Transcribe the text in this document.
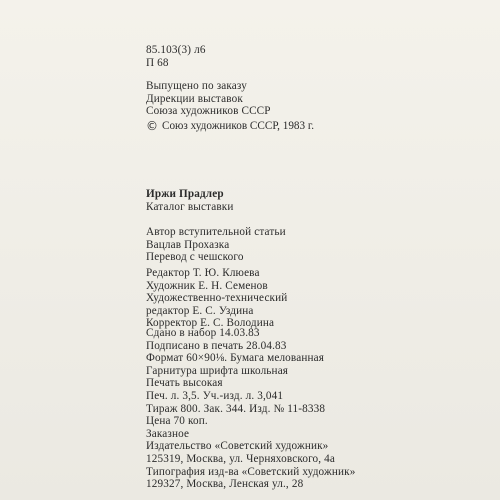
85.103(3) л6
П 68
Выпущено по заказу
Дирекции выставок
Союза художников СССР
© Союз художников СССР, 1983 г.
Иржи Прадлер
Каталог выставки
Автор вступительной статьи
Вацлав Прохазка
Перевод с чешского
Редактор Т. Ю. Клюева
Художник Е. Н. Семенов
Художественно-технический
редактор Е. С. Уздина
Корректор Е. С. Володина
Сдано в набор 14.03.83
Подписано в печать 28.04.83
Формат 60×90⅛. Бумага мелованная
Гарнитура шрифта школьная
Печать высокая
Печ. л. 3,5. Уч.-изд. л. 3,041
Тираж 800. Зак. 344. Изд. № 11-8338
Цена 70 коп.
Заказное
Издательство «Советский художник»
125319, Москва, ул. Черняховского, 4а
Типография изд-ва «Советский художник»
129327, Москва, Ленская ул., 28
